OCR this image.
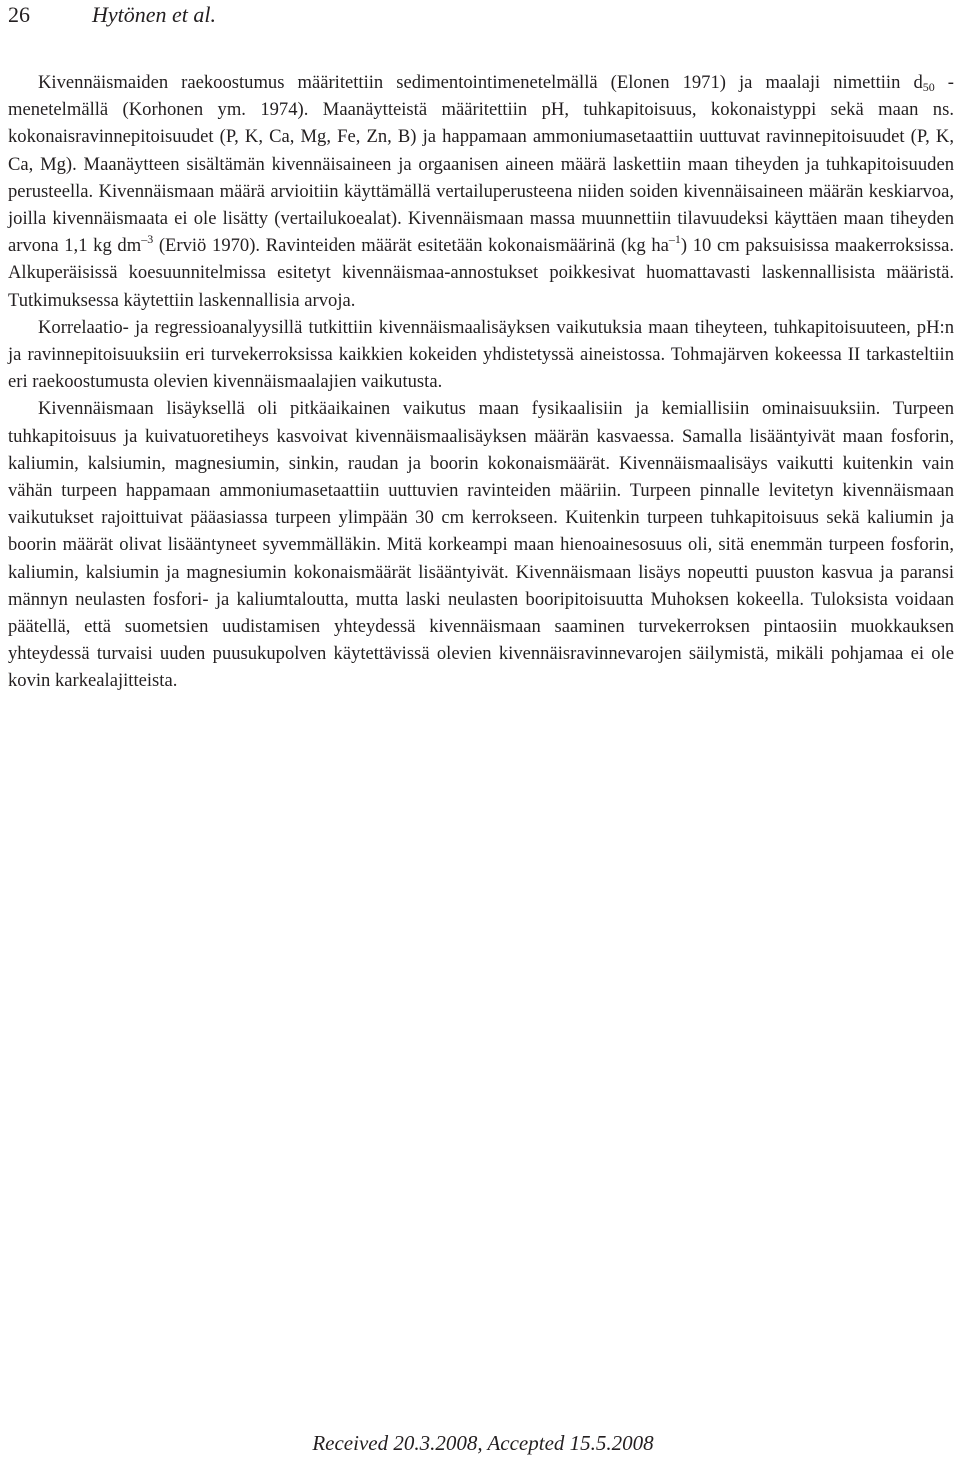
26	Hytönen et al.

Kivennäismaiden raekoostumus määritettiin sedimentointimenetelmällä (Elonen 1971) ja maalaji nimettiin $d_{50}$ -menetelmällä (Korhonen ym. 1974). Maanäytteistä määritettiin pH, tuhkapitoisuus, kokonaistyppi sekä maan ns. kokonaisravinnepitoisuudet (P, K, Ca, Mg, Fe, Zn, B) ja happamaan ammoniumasetaattiin uuttuvat ravinnepitoisuudet (P, K, Ca, Mg). Maanäytteen sisältämän kivennäisaineen ja orgaanisen aineen määrä laskettiin maan tiheyden ja tuhkapitoisuuden perusteella. Kivennäismaan määrä arvioitiin käyttämällä vertailuperusteena niiden soiden kivennäisaineen määrän keskiarvoa, joilla kivennäismaata ei ole lisätty (vertailukoealat). Kivennäismaan massa muunnettiin tilavuudeksi käyttäen maan tiheyden arvona 1,1 kg $dm^{-3}$ (Erviö 1970). Ravinteiden määrät esitetään kokonaismäärinä (kg $ha^{-1}$) 10 cm paksuisissa maakerroksissa. Alkuperäisissä koesuunnitelmissa esitetyt kivennäismaa-annostukset poikkesivat huomattavasti laskennallisista määristä. Tutkimuksessa käytettiin laskennallisia arvoja.

Korrelaatio- ja regressioanalyysillä tutkittiin kivennäismaalisäyksen vaikutuksia maan tiheyteen, tuhkapitoisuuteen, pH:n ja ravinnepitoisuuksiin eri turvekerroksissa kaikkien kokeiden yhdistetyssä aineistossa. Tohmajärven kokeessa II tarkasteltiin eri raekoostumusta olevien kivennäismaalajien vaikutusta.

Kivennäismaan lisäyksellä oli pitkäaikainen vaikutus maan fysikaalisiin ja kemiallisiin ominaisuuksiin. Turpeen tuhkapitoisuus ja kuivatuoretiheys kasvoivat kivennäismaalisäyksen määrän kasvaessa. Samalla lisääntyivät maan fosforin, kaliumin, kalsiumin, magnesiumin, sinkin, raudan ja boorin kokonaismäärät. Kivennäismaalisäys vaikutti kuitenkin vain vähän turpeen happamaan ammoniumasetaattiin uuttuvien ravinteiden määriin. Turpeen pinnalle levitetyn kivennäismaan vaikutukset rajoittuivat pääasiassa turpeen ylimpään 30 cm kerrokseen. Kuitenkin turpeen tuhkapitoisuus sekä kaliumin ja boorin määrät olivat lisääntyneet syvemmälläkin. Mitä korkeampi maan hienoainesosuus oli, sitä enemmän turpeen fosforin, kaliumin, kalsiumin ja magnesiumin kokonaismäärät lisääntyivät. Kivennäismaan lisäys nopeutti puuston kasvua ja paransi männyn neulasten fosfori- ja kaliumtaloutta, mutta laski neulasten booripitoisuutta Muhoksen kokeella. Tuloksista voidaan päätellä, että suometsien uudistamisen yhteydessä kivennäismaan saaminen turvekerroksen pintaosiin muokkauksen yhteydessä turvaisi uuden puusukupolven käytettävissä olevien kivennäisravinnevarojen säilymistä, mikäli pohjamaa ei ole kovin karkealajitteista.

Received 20.3.2008, Accepted 15.5.2008
